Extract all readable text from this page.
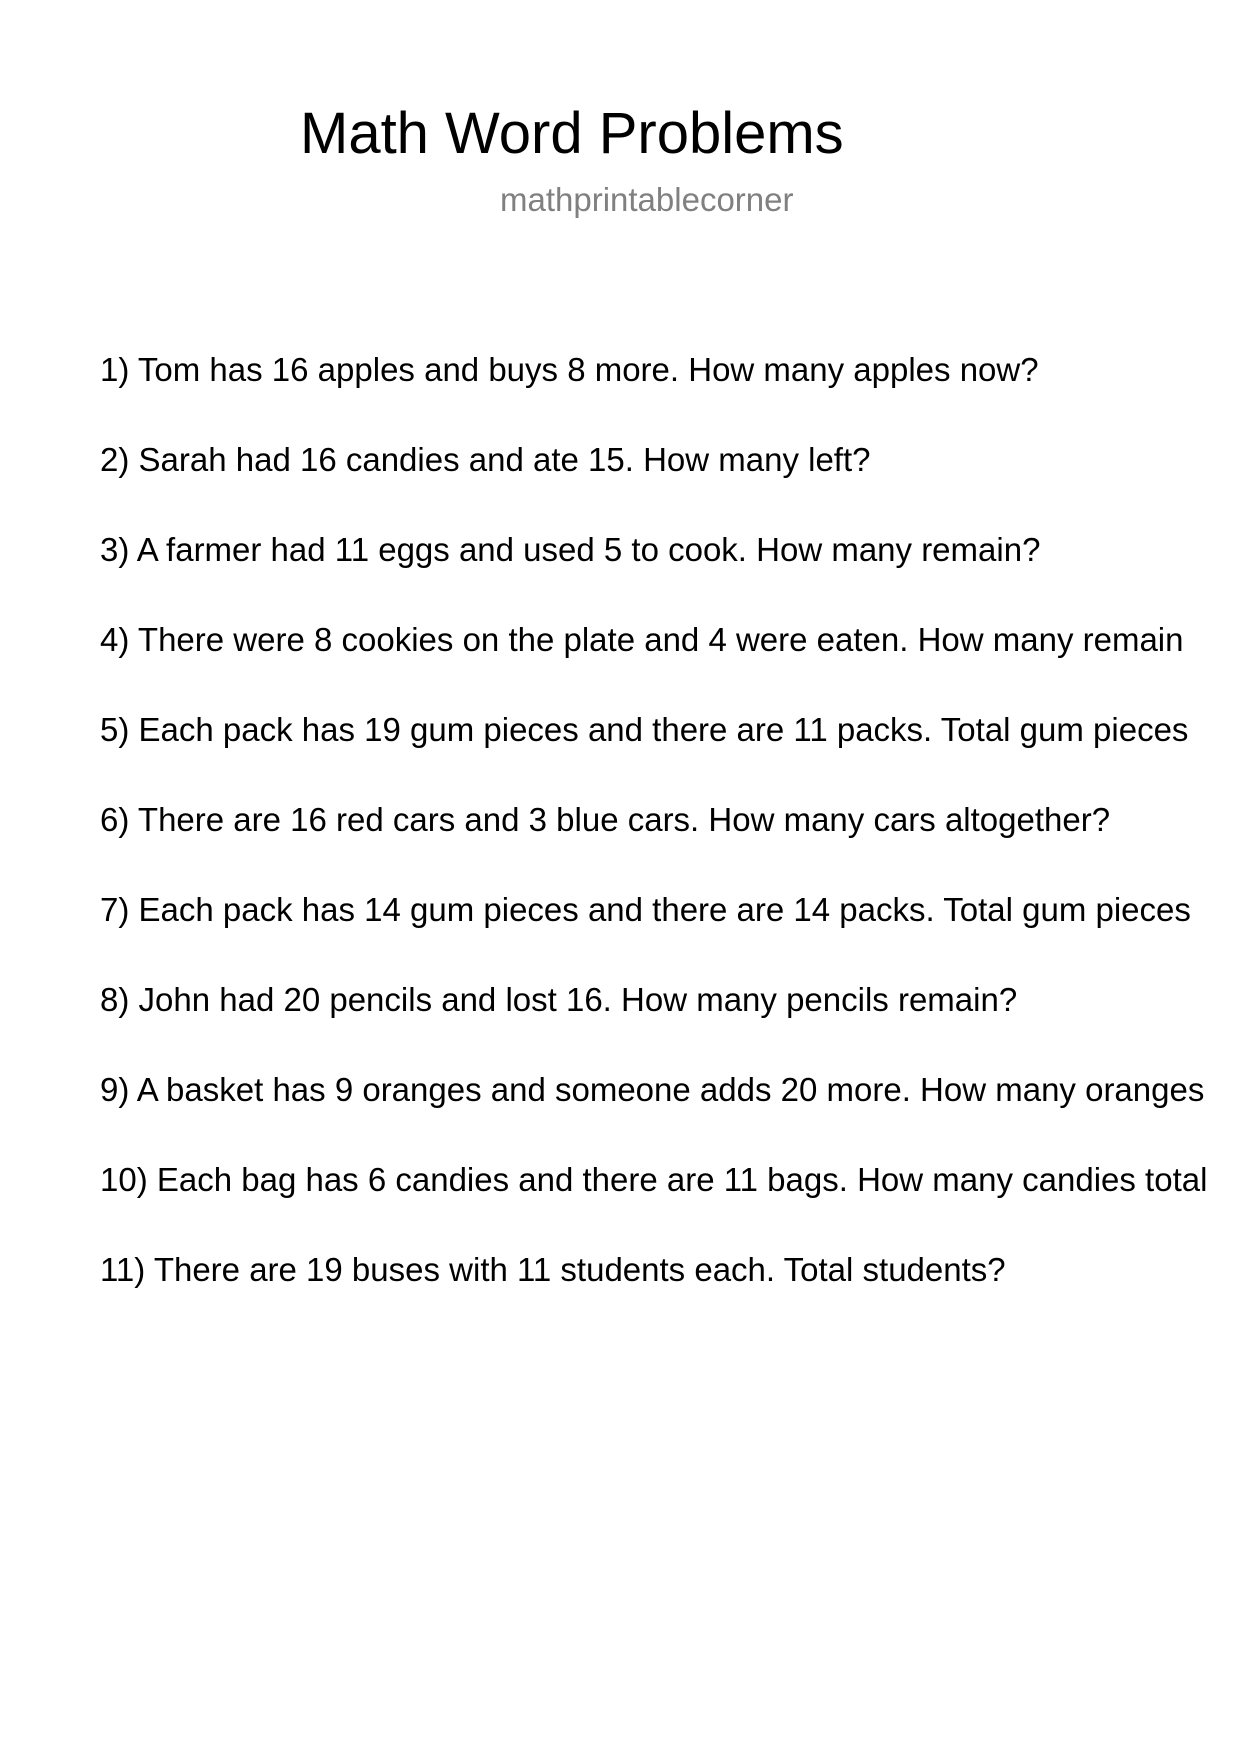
Math Word Problems
mathprintablecorner
1) Tom has 16 apples and buys 8 more. How many apples now?
2) Sarah had 16 candies and ate 15. How many left?
3) A farmer had 11 eggs and used 5 to cook. How many remain?
4) There were 8 cookies on the plate and 4 were eaten. How many remain
5) Each pack has 19 gum pieces and there are 11 packs. Total gum pieces
6) There are 16 red cars and 3 blue cars. How many cars altogether?
7) Each pack has 14 gum pieces and there are 14 packs. Total gum pieces
8) John had 20 pencils and lost 16. How many pencils remain?
9) A basket has 9 oranges and someone adds 20 more. How many oranges
10) Each bag has 6 candies and there are 11 bags. How many candies total
11) There are 19 buses with 11 students each. Total students?
